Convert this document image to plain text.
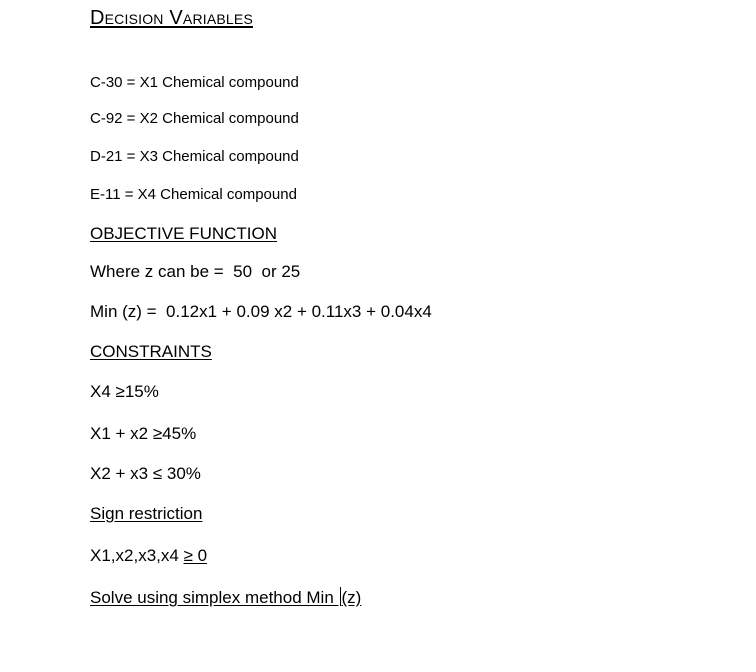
Decision Variables
C-30 = X1 Chemical compound
C-92 = X2 Chemical compound
D-21 = X3 Chemical compound
E-11 = X4 Chemical compound
OBJECTIVE FUNCTION
Where z can be =  50  or 25
Min (z) =  0.12x1 + 0.09 x2 + 0.11x3 + 0.04x4
CONSTRAINTS
X4 ≥15%
X1 + x2 ≥45%
X2 + x3 ≤ 30%
Sign restriction
X1,x2,x3,x4 ≥ 0
Solve using simplex method Min (z)
